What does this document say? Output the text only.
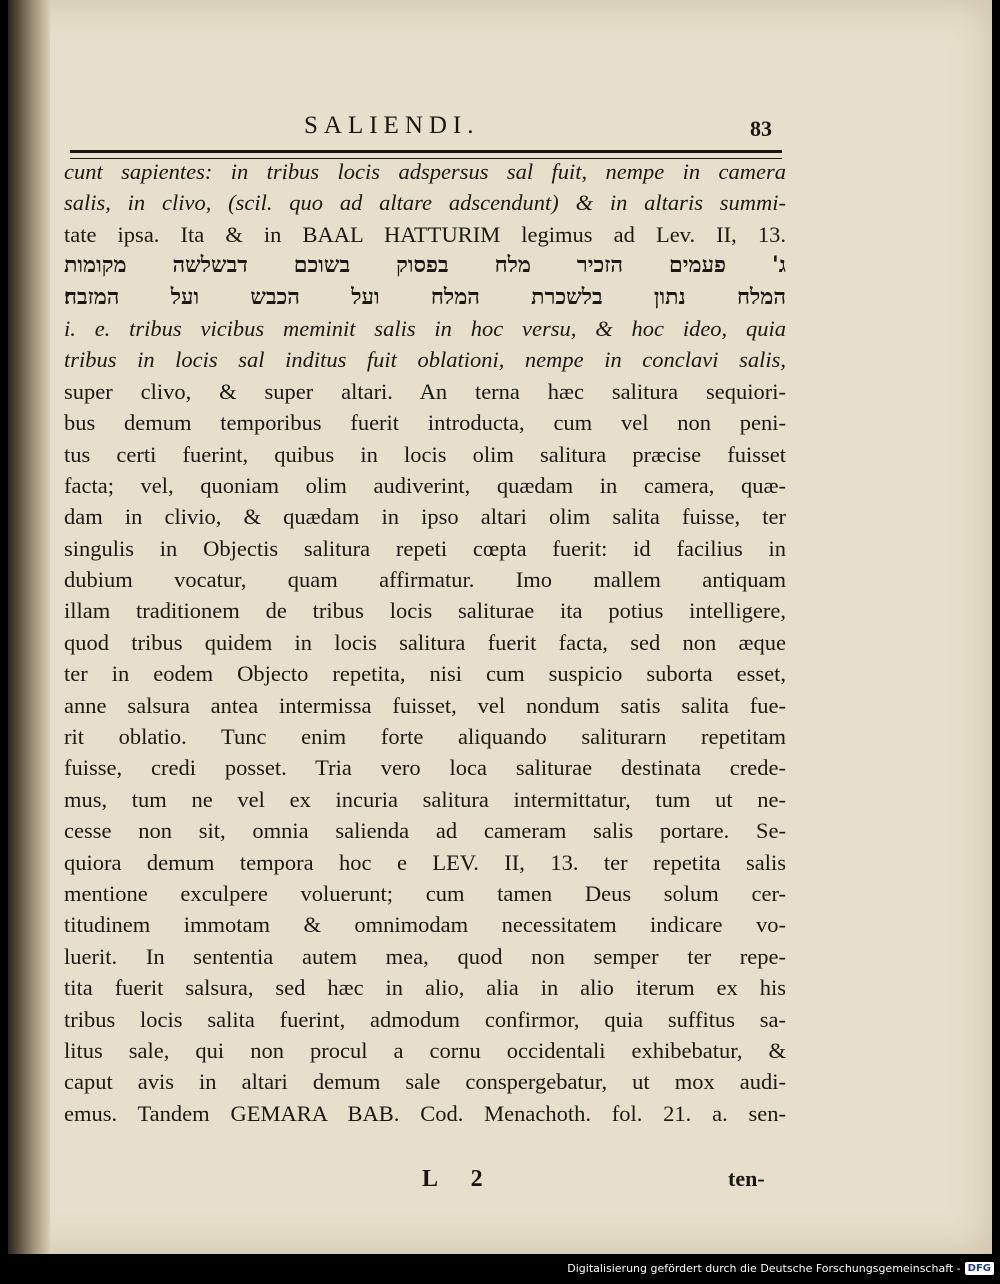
SALIENDI.	83
cunt sapientes: in tribus locis adspersus sal fuit, nempe in camera
salis, in clivo, (scil. quo ad altare adscendunt) & in altaris summi-
tate ipsa. Ita & in BAAL HATTURIM legimus ad Lev. II, 13.
ג' פעמים הזכיר מלח בפסוק בשוכם דבשלשה מקומות
המלח נתון בלשכרת המלח ועל הכבש ועל המזבח׃
i. e. tribus vicibus meminit salis in hoc versu, & hoc ideo, quia
tribus in locis sal inditus fuit oblationi, nempe in conclavi salis,
super clivo, & super altari. An terna hæc salitura sequiori-
bus demum temporibus fuerit introducta, cum vel non peni-
tus certi fuerint, quibus in locis olim salitura præcise fuisset
facta; vel, quoniam olim audiverint, quædam in camera, quæ-
dam in clivio, & quædam in ipso altari olim salita fuisse, ter
singulis in Objectis salitura repeti cœpta fuerit: id facilius in
dubium vocatur, quam affirmatur. Imo mallem antiquam
illam traditionem de tribus locis saliturae ita potius intelligere,
quod tribus quidem in locis salitura fuerit facta, sed non æque
ter in eodem Objecto repetita, nisi cum suspicio suborta esset,
anne salsura antea intermissa fuisset, vel nondum satis salita fue-
rit oblatio. Tunc enim forte aliquando saliturarn repetitam
fuisse, credi posset. Tria vero loca saliturae destinata crede-
mus, tum ne vel ex incuria salitura intermittatur, tum ut ne-
cesse non sit, omnia salienda ad cameram salis portare. Se-
quiora demum tempora hoc e LEV. II, 13. ter repetita salis
mentione exculpere voluerunt; cum tamen Deus solum cer-
titudinem immotam & omnimodam necessitatem indicare vo-
luerit. In sententia autem mea, quod non semper ter repe-
tita fuerit salsura, sed hæc in alio, alia in alio iterum ex his
tribus locis salita fuerint, admodum confirmor, quia suffitus sa-
litus sale, qui non procul a cornu occidentali exhibebatur, &
caput avis in altari demum sale conspergebatur, ut mox audi-
emus. Tandem GEMARA BAB. Cod. Menachoth. fol. 21. a. sen-
L 2	ten-
Digitalisierung gefördert durch die Deutsche Forschungsgemeinschaft - DFG
